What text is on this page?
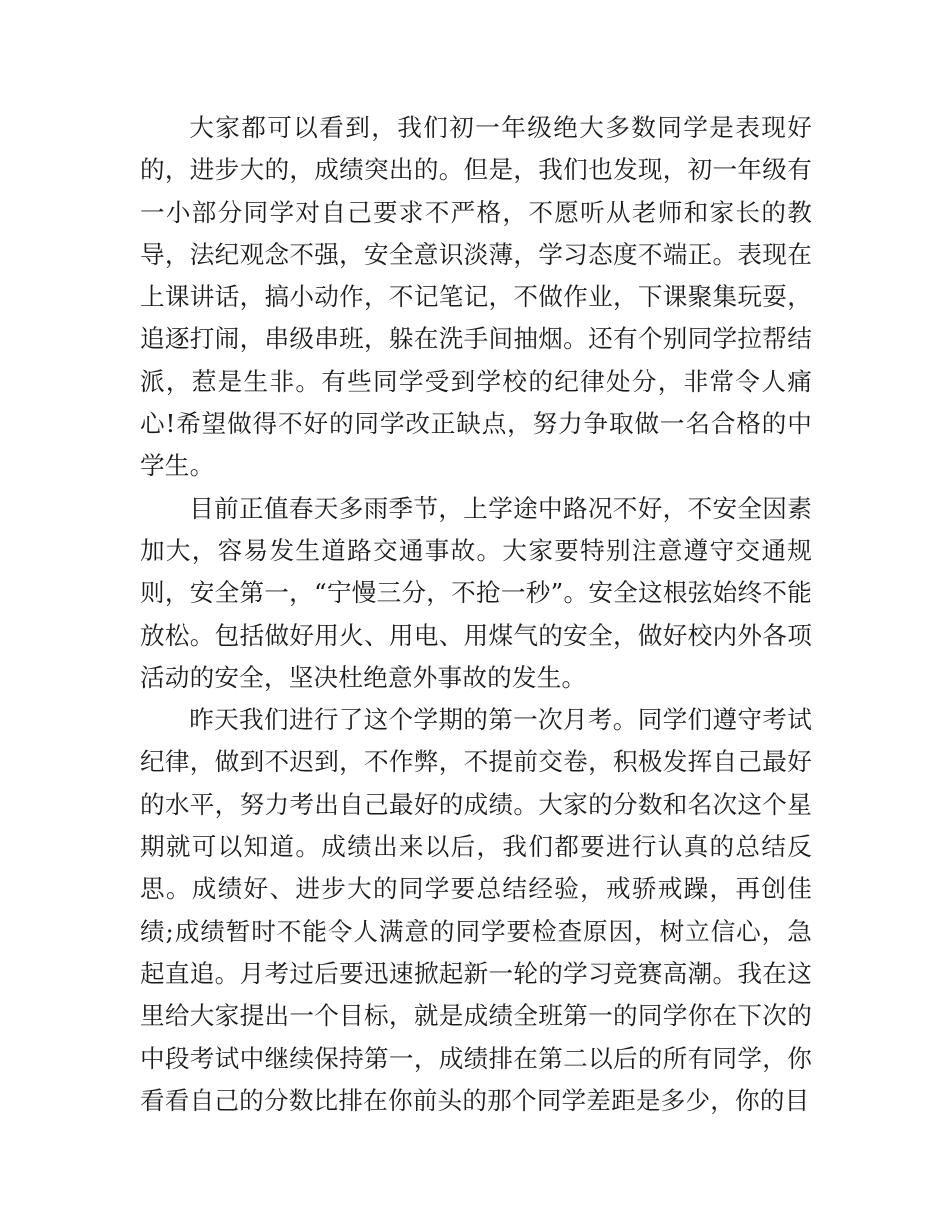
大家都可以看到，我们初一年级绝大多数同学是表现好的，进步大的，成绩突出的。但是，我们也发现，初一年级有一小部分同学对自己要求不严格，不愿听从老师和家长的教导，法纪观念不强，安全意识淡薄，学习态度不端正。表现在上课讲话，搞小动作，不记笔记，不做作业，下课聚集玩耍，追逐打闹，串级串班，躲在洗手间抽烟。还有个别同学拉帮结派，惹是生非。有些同学受到学校的纪律处分，非常令人痛心!希望做得不好的同学改正缺点，努力争取做一名合格的中学生。

目前正值春天多雨季节，上学途中路况不好，不安全因素加大，容易发生道路交通事故。大家要特别注意遵守交通规则，安全第一，“宁慢三分，不抢一秒”。安全这根弦始终不能放松。包括做好用火、用电、用煤气的安全，做好校内外各项活动的安全，坚决杜绝意外事故的发生。

昨天我们进行了这个学期的第一次月考。同学们遵守考试纪律，做到不迟到，不作弊，不提前交卷，积极发挥自己最好的水平，努力考出自己最好的成绩。大家的分数和名次这个星期就可以知道。成绩出来以后，我们都要进行认真的总结反思。成绩好、进步大的同学要总结经验，戒骄戒躁，再创佳绩;成绩暂时不能令人满意的同学要检查原因，树立信心，急起直追。月考过后要迅速掀起新一轮的学习竞赛高潮。我在这里给大家提出一个目标，就是成绩全班第一的同学你在下次的中段考试中继续保持第一，成绩排在第二以后的所有同学，你看看自己的分数比排在你前头的那个同学差距是多少，你的目
